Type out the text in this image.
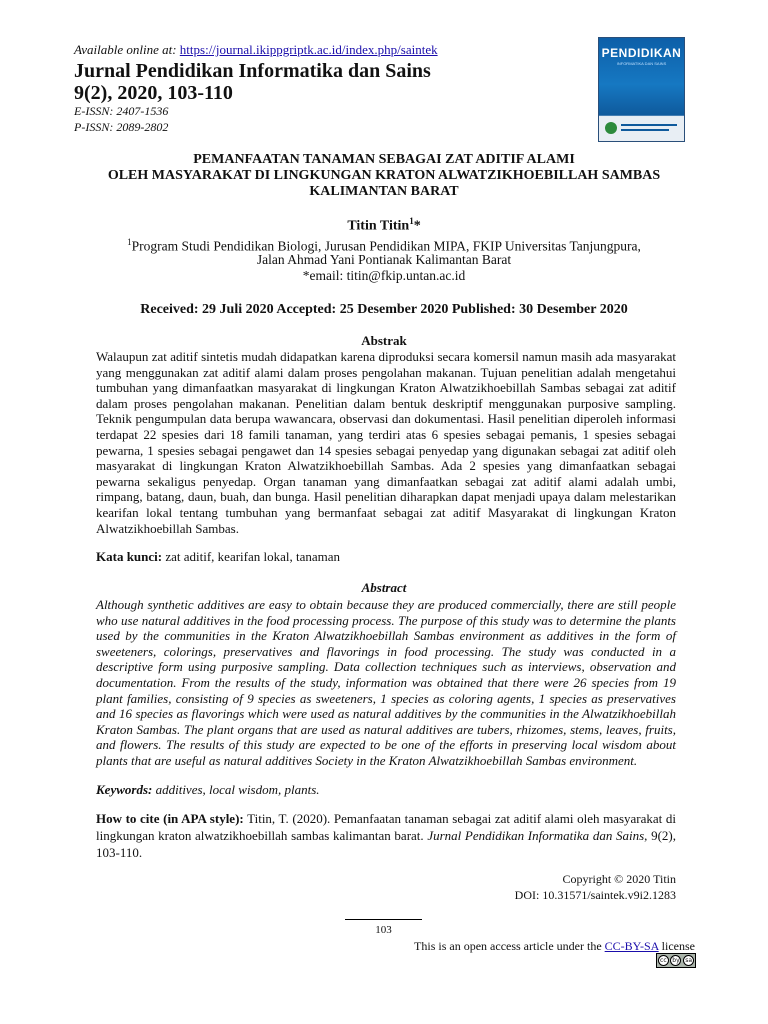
Available online at: https://journal.ikippgriptk.ac.id/index.php/saintek
Jurnal Pendidikan Informatika dan Sains
9(2), 2020, 103-110
E-ISSN: 2407-1536
P-ISSN: 2089-2802
PENDIDIKAN
INFORMATIKA DAN SAINS
PEMANFAATAN TANAMAN SEBAGAI ZAT ADITIF ALAMI
OLEH MASYARAKAT DI LINGKUNGAN KRATON ALWATZIKHOEBILLAH SAMBAS
KALIMANTAN BARAT
Titin Titin$^1$*
$^1$Program Studi Pendidikan Biologi, Jurusan Pendidikan MIPA, FKIP Universitas Tanjungpura,
Jalan Ahmad Yani Pontianak Kalimantan Barat
*email: titin@fkip.untan.ac.id
Received: 29 Juli 2020 Accepted: 25 Desember 2020 Published: 30 Desember 2020
Abstrak
Walaupun zat aditif sintetis mudah didapatkan karena diproduksi secara komersil namun masih ada masyarakat yang menggunakan zat aditif alami dalam proses pengolahan makanan. Tujuan penelitian adalah mengetahui tumbuhan yang dimanfaatkan masyarakat di lingkungan Kraton Alwatzikhoebillah Sambas sebagai zat aditif dalam proses pengolahan makanan. Penelitian dalam bentuk deskriptif menggunakan purposive sampling. Teknik pengumpulan data berupa wawancara, observasi dan dokumentasi. Hasil penelitian diperoleh informasi terdapat 22 spesies dari 18 famili tanaman, yang terdiri atas 6 spesies sebagai pemanis, 1 spesies sebagai pewarna, 1 spesies sebagai pengawet dan 14 spesies sebagai penyedap yang digunakan sebagai zat aditif oleh masyarakat di lingkungan Kraton Alwatzikhoebillah Sambas. Ada 2 spesies yang dimanfaatkan sebagai pewarna sekaligus penyedap. Organ tanaman yang dimanfaatkan sebagai zat aditif alami adalah umbi, rimpang, batang, daun, buah, dan bunga. Hasil penelitian diharapkan dapat menjadi upaya dalam melestarikan kearifan lokal tentang tumbuhan yang bermanfaat sebagai zat aditif Masyarakat di lingkungan Kraton Alwatzikhoebillah Sambas.
Kata kunci: zat aditif, kearifan lokal, tanaman
Abstract
Although synthetic additives are easy to obtain because they are produced commercially, there are still people who use natural additives in the food processing process. The purpose of this study was to determine the plants used by the communities in the Kraton Alwatzikhoebillah Sambas environment as additives in the form of sweeteners, colorings, preservatives and flavorings in food processing. The study was conducted in a descriptive form using purposive sampling. Data collection techniques such as interviews, observation and documentation. From the results of the study, information was obtained that there were 26 species from 19 plant families, consisting of 9 species as sweeteners, 1 species as coloring agents, 1 species as preservatives and 16 species as flavorings which were used as natural additives by the communities in the Alwatzikhoebillah Kraton Sambas. The plant organs that are used as natural additives are tubers, rhizomes, stems, leaves, fruits, and flowers. The results of this study are expected to be one of the efforts in preserving local wisdom about plants that are useful as natural additives Society in the Kraton Alwatzikhoebillah Sambas environment.
Keywords: additives, local wisdom, plants.
How to cite (in APA style): Titin, T. (2020). Pemanfaatan tanaman sebagai zat aditif alami oleh masyarakat di lingkungan kraton alwatzikhoebillah sambas kalimantan barat. Jurnal Pendidikan Informatika dan Sains, 9(2), 103-110.
Copyright © 2020 Titin
DOI: 10.31571/saintek.v9i2.1283
103
This is an open access article under the CC-BY-SA license
cc by sa
